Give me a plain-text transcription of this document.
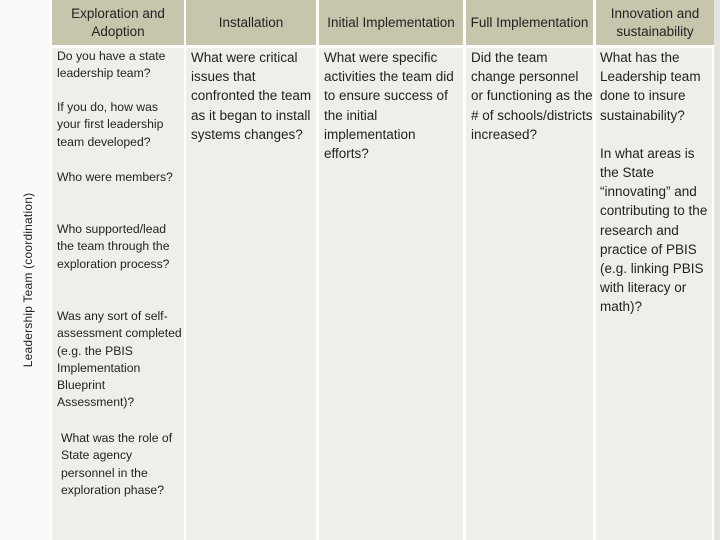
Leadership Team (coordination)
Exploration and Adoption
Installation	Initial Implementation	Full Implementation
Innovation and sustainability

Do you have a state leadership team?

If you do, how was your first leadership team developed?

Who were members?

Who supported/lead the team through the exploration process?

Was any sort of self-assessment completed (e.g. the PBIS Implementation Blueprint Assessment)?

What was the role of State agency personnel in the exploration phase?

What were critical issues that confronted the team as it began to install systems changes?

What were specific activities the team did to ensure success of the initial implementation efforts?

Did the team change personnel or functioning as the # of schools/districts increased?

What has the Leadership team done to insure sustainability?

In what areas is the State “innovating” and contributing to the research and practice of PBIS (e.g. linking PBIS with literacy or math)?
